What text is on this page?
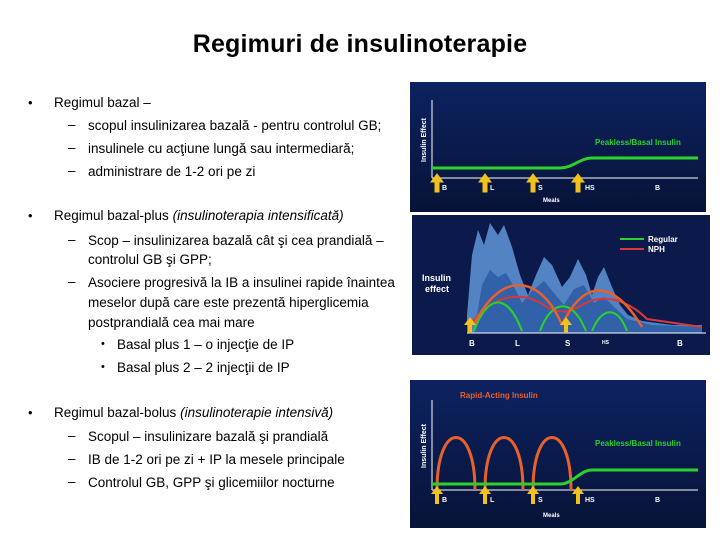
Regimuri de insulinoterapie
• Regimul bazal –
– scopul insulinizarea bazală - pentru controlul GB;
– insulinele cu acţiune lungă sau intermediară;
– administrare de 1-2 ori pe zi
• Regimul bazal-plus (insulinoterapia intensificată)
– Scop – insulinizarea bazală cât şi cea prandială –
controlul GB şi GPP;
– Asociere progresivă la IB a insulinei rapide înaintea
meselor după care este prezentă hiperglicemia
postprandială cea mai mare
• Basal plus 1 – o injecţie de IP
• Basal plus 2 – 2 injecţii de IP
• Regimul bazal-bolus (insulinoterapie intensivă)
– Scopul – insulinizare bazală şi prandială
– IB de 1-2 ori pe zi + IP la mesele principale
– Controlul GB, GPP şi glicemiilor nocturne
Insulin Effect	Peakless/Basal Insulin
B	L	S	HS	B
Meals
Regular
NPH
Insulin
effect
B	L	S	HS	B
Insulin Effect
Rapid-Acting Insulin
Peakless/Basal Insulin
B	L	S	HS	B
Meals
